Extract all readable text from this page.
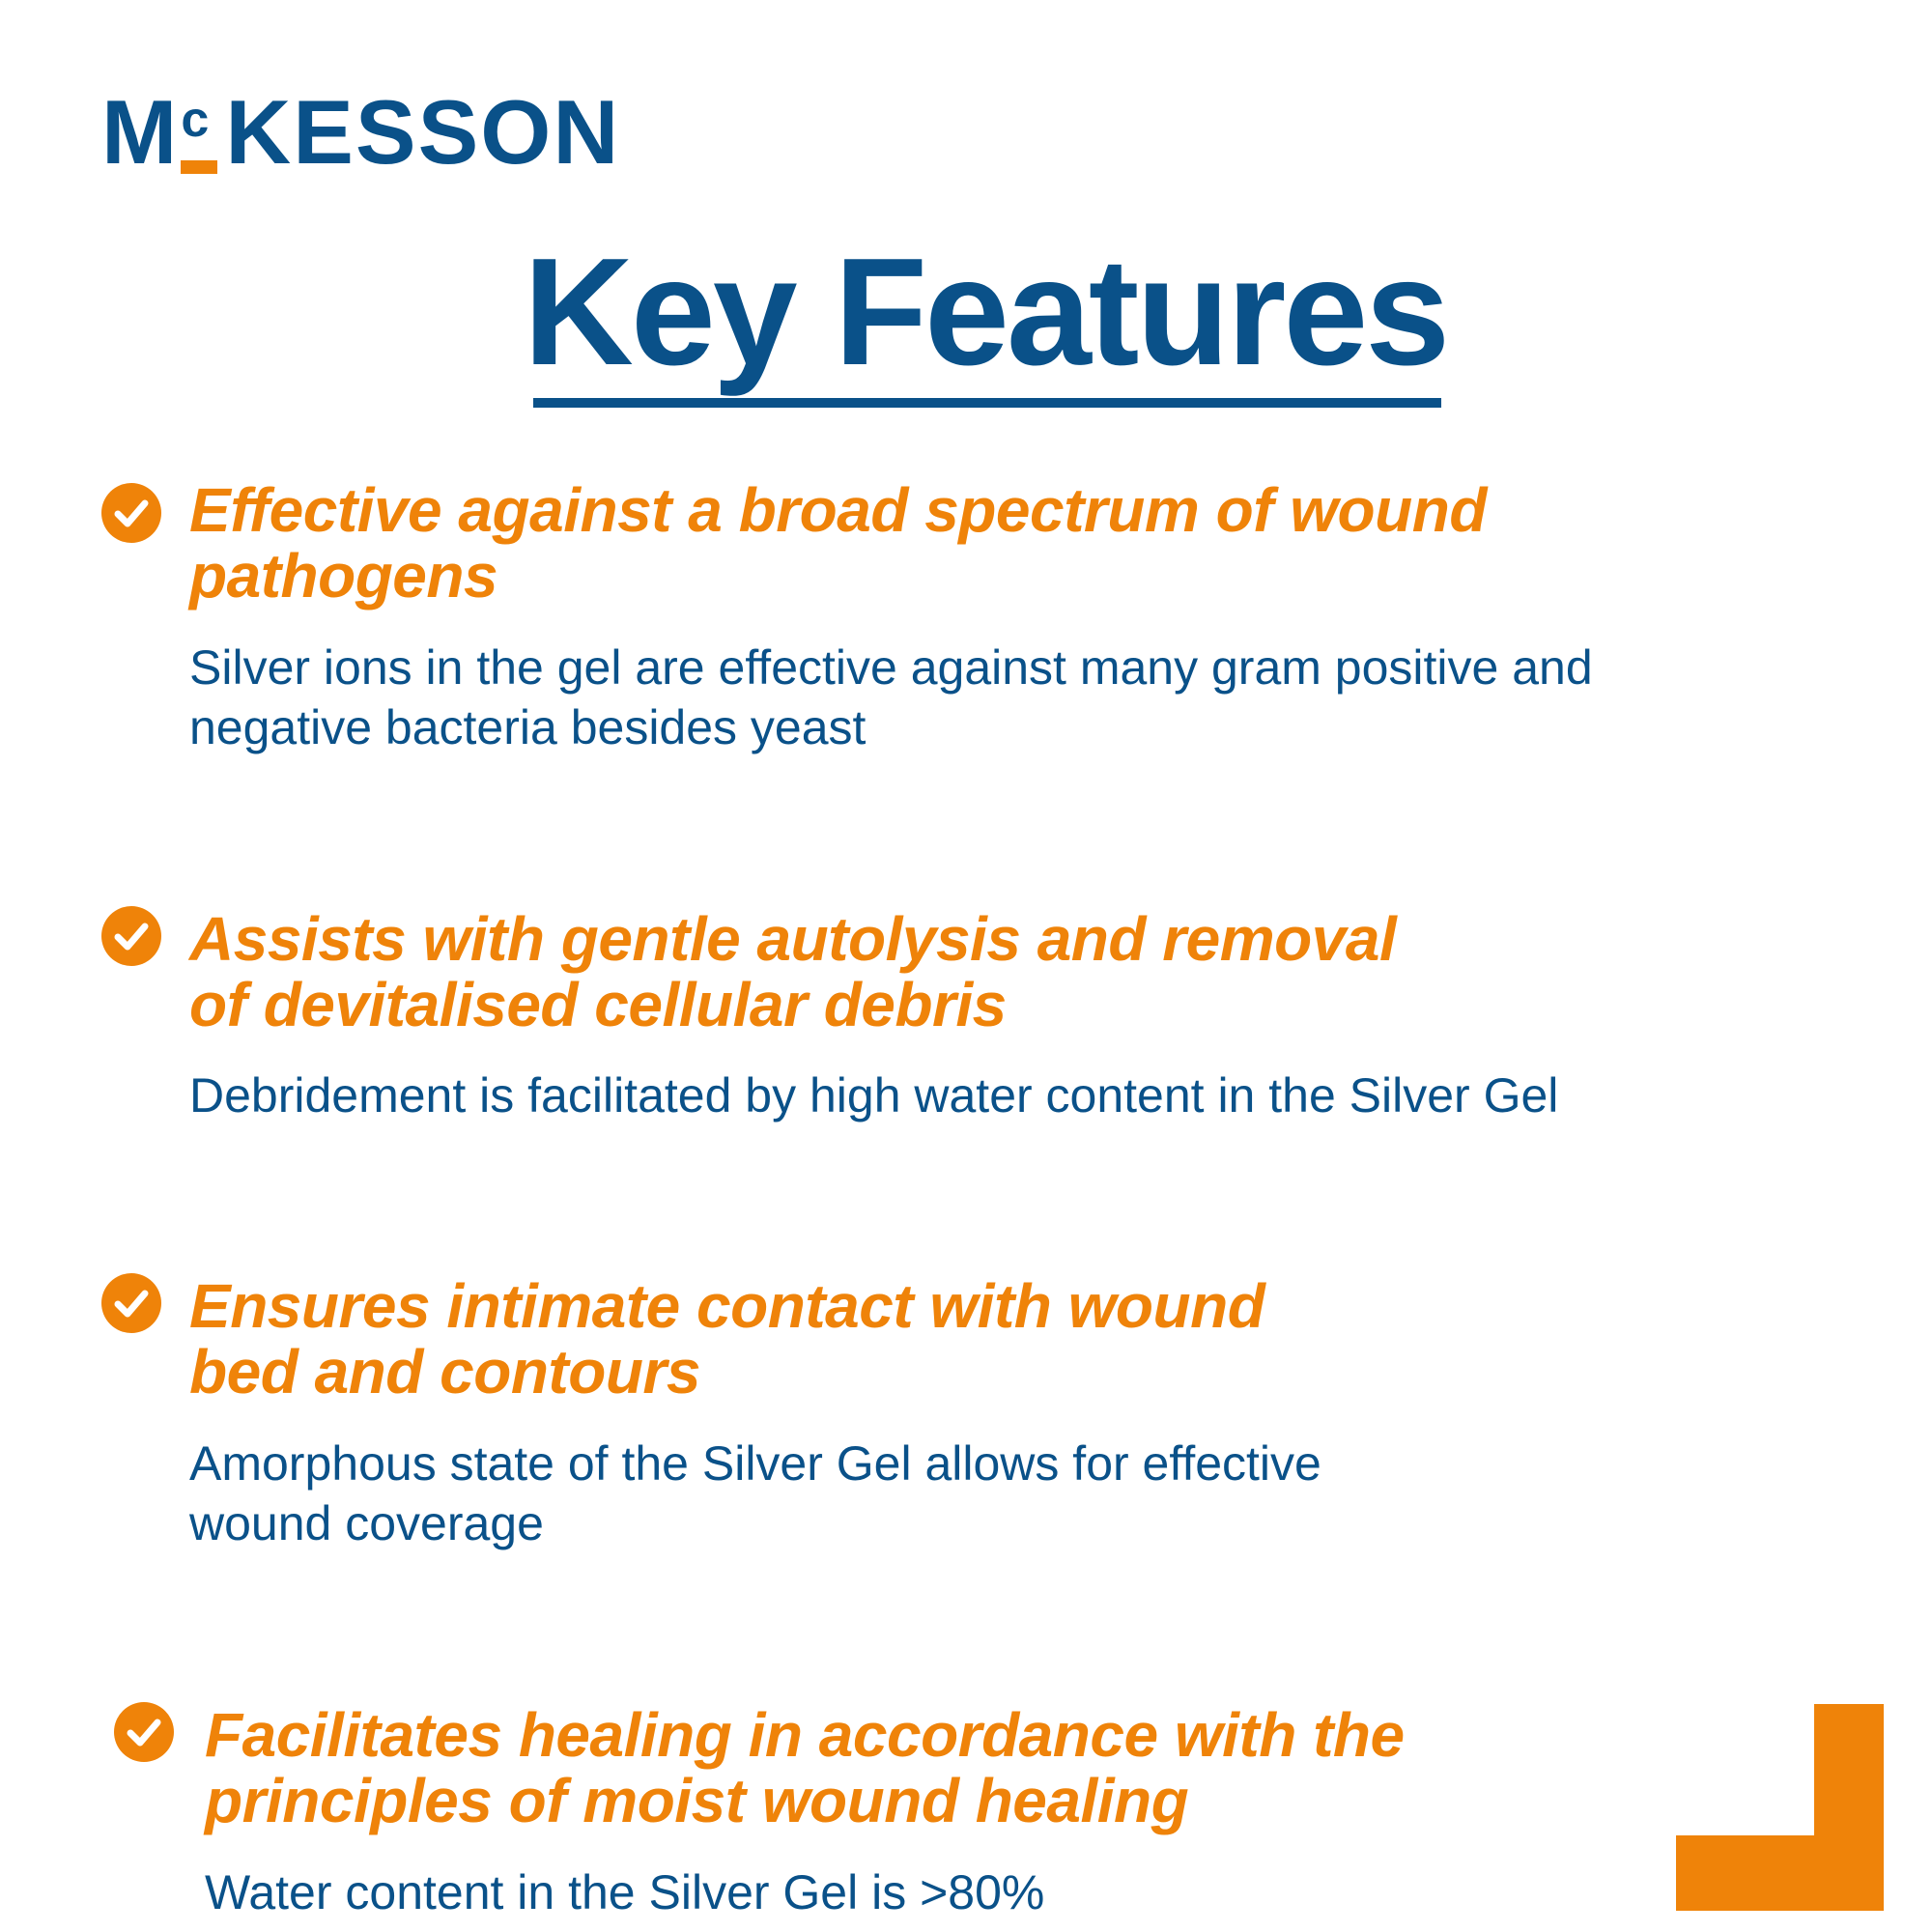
M c KESSON
Key Features
Effective against a broad spectrum of wound
pathogens
Silver ions in the gel are effective against many gram positive and
negative bacteria besides yeast
Assists with gentle autolysis and removal
of devitalised cellular debris
Debridement is facilitated by high water content in the Silver Gel
Ensures intimate contact with wound
bed and contours
Amorphous state of the Silver Gel allows for effective
wound coverage
Facilitates healing in accordance with the
principles of moist wound healing
Water content in the Silver Gel is >80%
